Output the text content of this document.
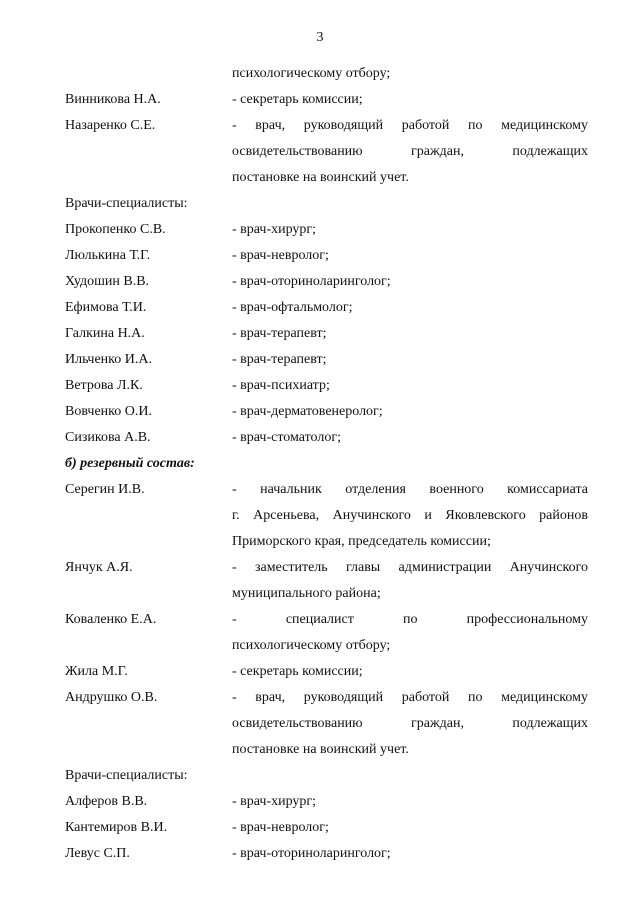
3
психологическому отбору;
Винникова Н.А.	- секретарь комиссии;
Назаренко С.Е.	- врач, руководящий работой по медицинскому
освидетельствованию граждан, подлежащих
постановке на воинский учет.
Врачи-специалисты:
Прокопенко С.В.	- врач-хирург;
Люлькина Т.Г.	- врач-невролог;
Худошин В.В.	- врач-оториноларинголог;
Ефимова Т.И.	- врач-офтальмолог;
Галкина Н.А.	- врач-терапевт;
Ильченко И.А.	- врач-терапевт;
Ветрова Л.К.	- врач-психиатр;
Вовченко О.И.	- врач-дерматовенеролог;
Сизикова А.В.	- врач-стоматолог;
б) резервный состав:
Серегин И.В.	- начальник отделения военного комиссариата
г. Арсеньева, Анучинского и Яковлевского районов
Приморского края, председатель комиссии;
Янчук А.Я.	- заместитель главы администрации Анучинского
муниципального района;
Коваленко Е.А.	- специалист по профессиональному
психологическому отбору;
Жила М.Г.	- секретарь комиссии;
Андрушко О.В.	- врач, руководящий работой по медицинскому
освидетельствованию граждан, подлежащих
постановке на воинский учет.
Врачи-специалисты:
Алферов В.В.	- врач-хирург;
Кантемиров В.И.	- врач-невролог;
Левус С.П.	- врач-оториноларинголог;
